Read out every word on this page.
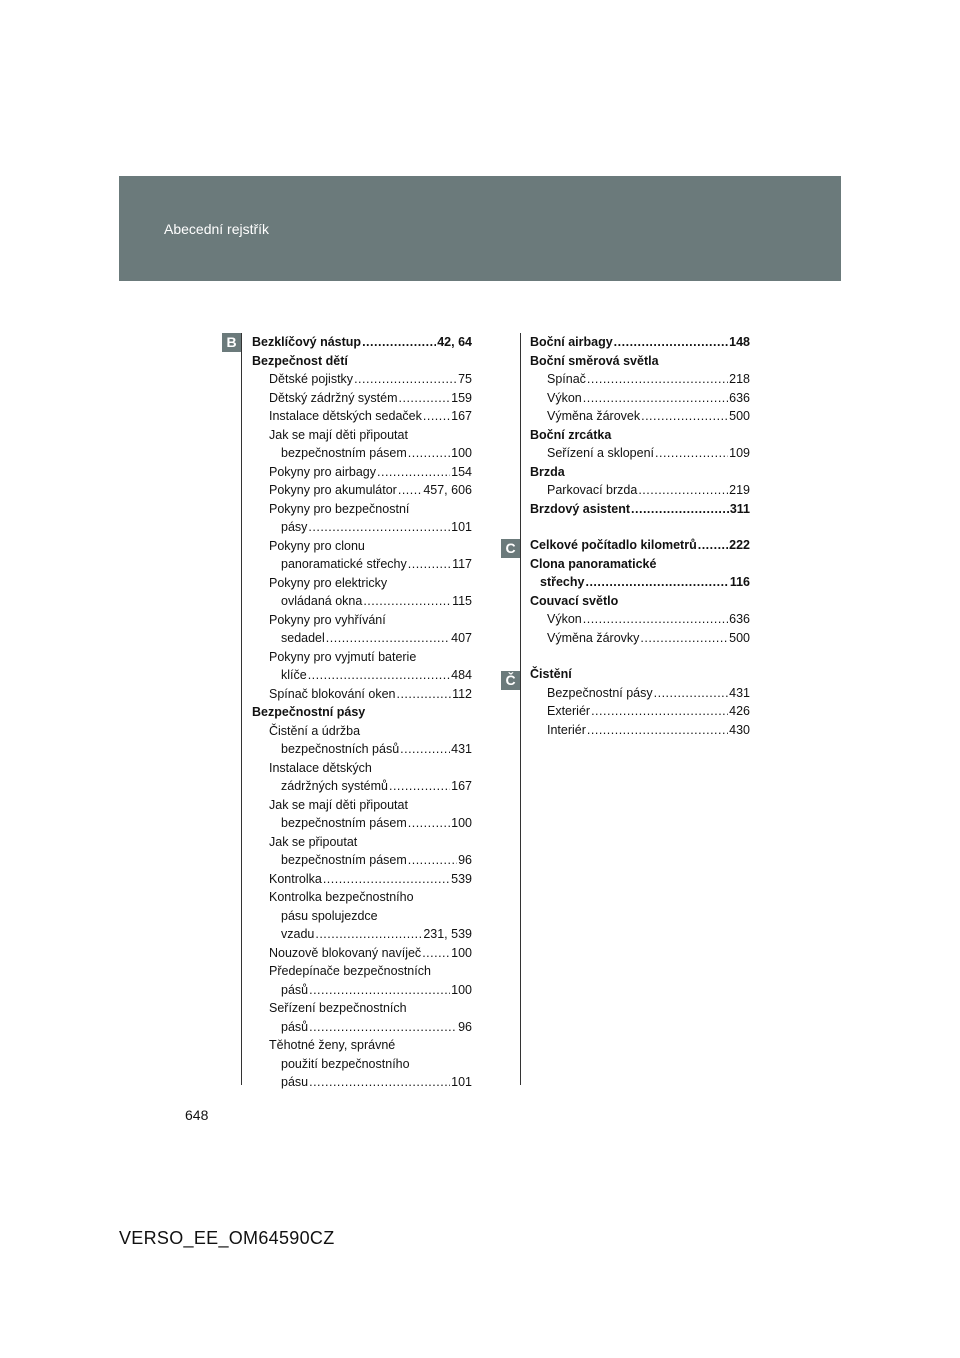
Abecední rejstřík
B
C
Č
Bezklíčový nástup .....	42, 64
Bezpečnost dětí
Dětské pojistky .....	75
Dětský zádržný systém .....	159
Instalace dětských sedaček ..... 167
Jak se mají děti připoutat
bezpečnostním pásem .....	100
Pokyny pro airbagy .....	154
Pokyny pro akumulátor ..... 457, 606
Pokyny pro bezpečnostní
pásy .....	101
Pokyny pro clonu
panoramatické střechy .....	117
Pokyny pro elektricky
ovládaná okna .....	115
Pokyny pro vyhřívání
sedadel .....	407
Pokyny pro vyjmutí baterie
klíče .....	484
Spínač blokování oken .....	112
Bezpečnostní pásy
Čistění a údržba
bezpečnostních pásů .....	431
Instalace dětských
zádržných systémů .....	167
Jak se mají děti připoutat
bezpečnostním pásem .....	100
Jak se připoutat
bezpečnostním pásem .....	96
Kontrolka .....	539
Kontrolka bezpečnostního
pásu spolujezdce
vzadu .....	231, 539
Nouzově blokovaný navíječ ..... 100
Předepínače bezpečnostních
pásů .....	100
Seřízení bezpečnostních
pásů .....	96
Těhotné ženy, správné
použití bezpečnostního
pásu .....	101
Boční airbagy .....	148
Boční směrová světla
Spínač .....	218
Výkon .....	636
Výměna žárovek .....	500
Boční zrcátka
Seřízení a sklopení .....	109
Brzda
Parkovací brzda .....	219
Brzdový asistent .....	311
Celkové počítadlo kilometrů .....	222
Clona panoramatické
střechy .....	116
Couvací světlo
Výkon .....	636
Výměna žárovky .....	500
Čistění
Bezpečnostní pásy .....	431
Exteriér .....	426
Interiér .....	430
648
VERSO_EE_OM64590CZ
